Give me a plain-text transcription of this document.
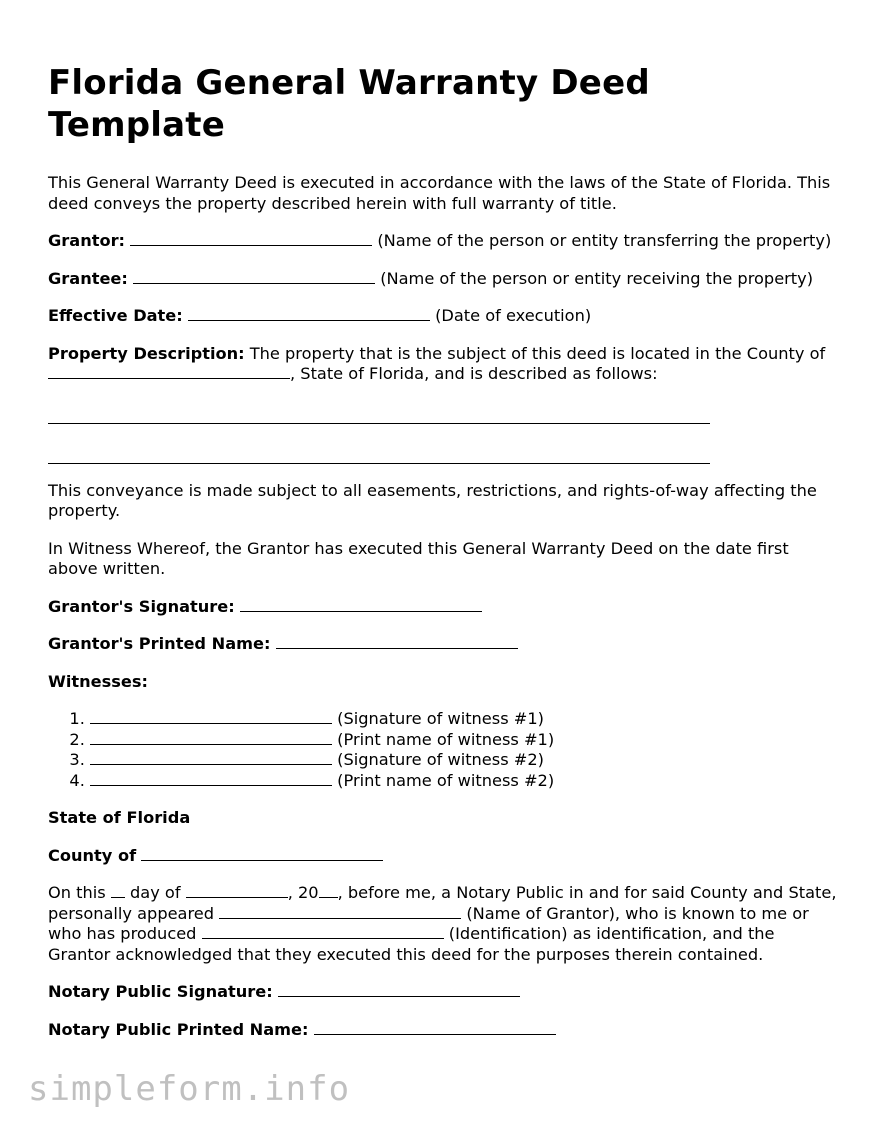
Florida General Warranty Deed Template

This General Warranty Deed is executed in accordance with the laws of the State of Florida. This deed conveys the property described herein with full warranty of title.

Grantor:	(Name of the person or entity transferring the property)

Grantee:	(Name of the person or entity receiving the property)

Effective Date:	(Date of execution)

Property Description: The property that is the subject of this deed is located in the County of , State of Florida, and is described as follows:

This conveyance is made subject to all easements, restrictions, and rights-of-way affecting the property.

In Witness Whereof, the Grantor has executed this General Warranty Deed on the date first above written.

Grantor's Signature:

Grantor's Printed Name:

Witnesses:

1. (Signature of witness #1)
2. (Print name of witness #1)
3. (Signature of witness #2)
4. (Print name of witness #2)

State of Florida

County of

On this day of	, 20 , before me, a Notary Public in and for said County and State, personally appeared	(Name of Grantor), who is known to me or who has produced	(Identification) as identification, and the Grantor acknowledged that they executed this deed for the purposes therein contained.

Notary Public Signature:

Notary Public Printed Name:

simpleform.info
